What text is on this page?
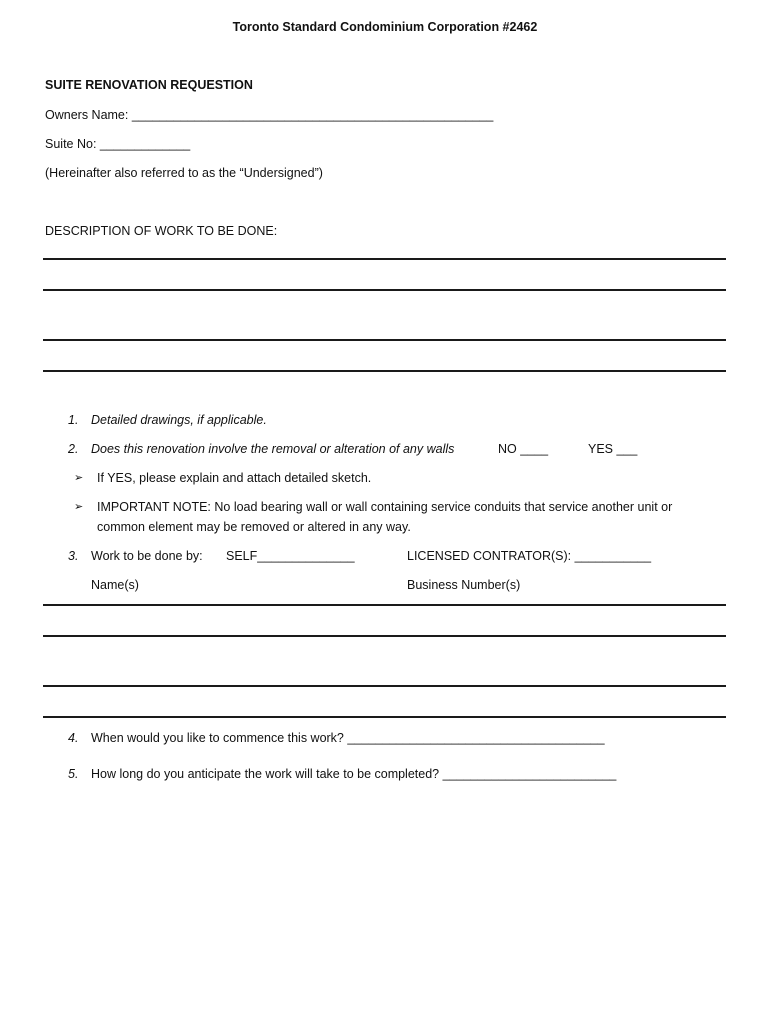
Toronto Standard Condominium Corporation #2462
SUITE RENOVATION REQUESTION
Owners Name: ____________________________________________________
Suite No: _____________
(Hereinafter also referred to as the “Undersigned”)
DESCRIPTION OF WORK TO BE DONE:
1. Detailed drawings, if applicable.
2. Does this renovation involve the removal or alteration of any walls	NO ____	YES ___
➢ If YES, please explain and attach detailed sketch.
➢ IMPORTANT NOTE: No load bearing wall or wall containing service conduits that service another unit or
common element may be removed or altered in any way.
3. Work to be done by: SELF______________	LICENSED CONTRATOR(S): ___________
Name(s)	Business Number(s)
4. When would you like to commence this work? _____________________________________
5. How long do you anticipate the work will take to be completed? _________________________
